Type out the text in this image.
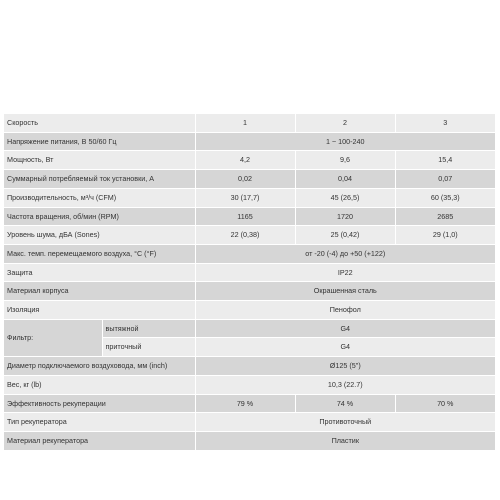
Скорость		1	2	3
Напряжение питания, В 50/60 Гц		1 ~ 100-240		
Мощность, Вт		4,2	9,6	15,4
Суммарный потребляемый ток установки, А		0,02	0,04	0,07
Производительность, м³/ч (CFM)		30 (17,7)	45 (26,5)	60 (35,3)
Частота вращения, об/мин (RPM)		1165	1720	2685
Уровень шума, дБА (Sones)		22 (0,38)	25 (0,42)	29 (1,0)
Макс. темп. перемещаемого воздуха, °С (°F)		от -20 (-4) до +50 (+122)		
Защита		IP22		
Материал корпуса		Окрашенная сталь		
Изоляция		Пенофол		
Фильтр:	вытяжной	G4		
	приточный	G4		
Диаметр подключаемого воздуховода, мм (inch)		Ø125 (5")		
Вес, кг (lb)		10,3 (22.7)		
Эффективность рекуперации		79 %	74 %	70 %
Тип рекуператора		Противоточный		
Материал рекуператора		Пластик		
